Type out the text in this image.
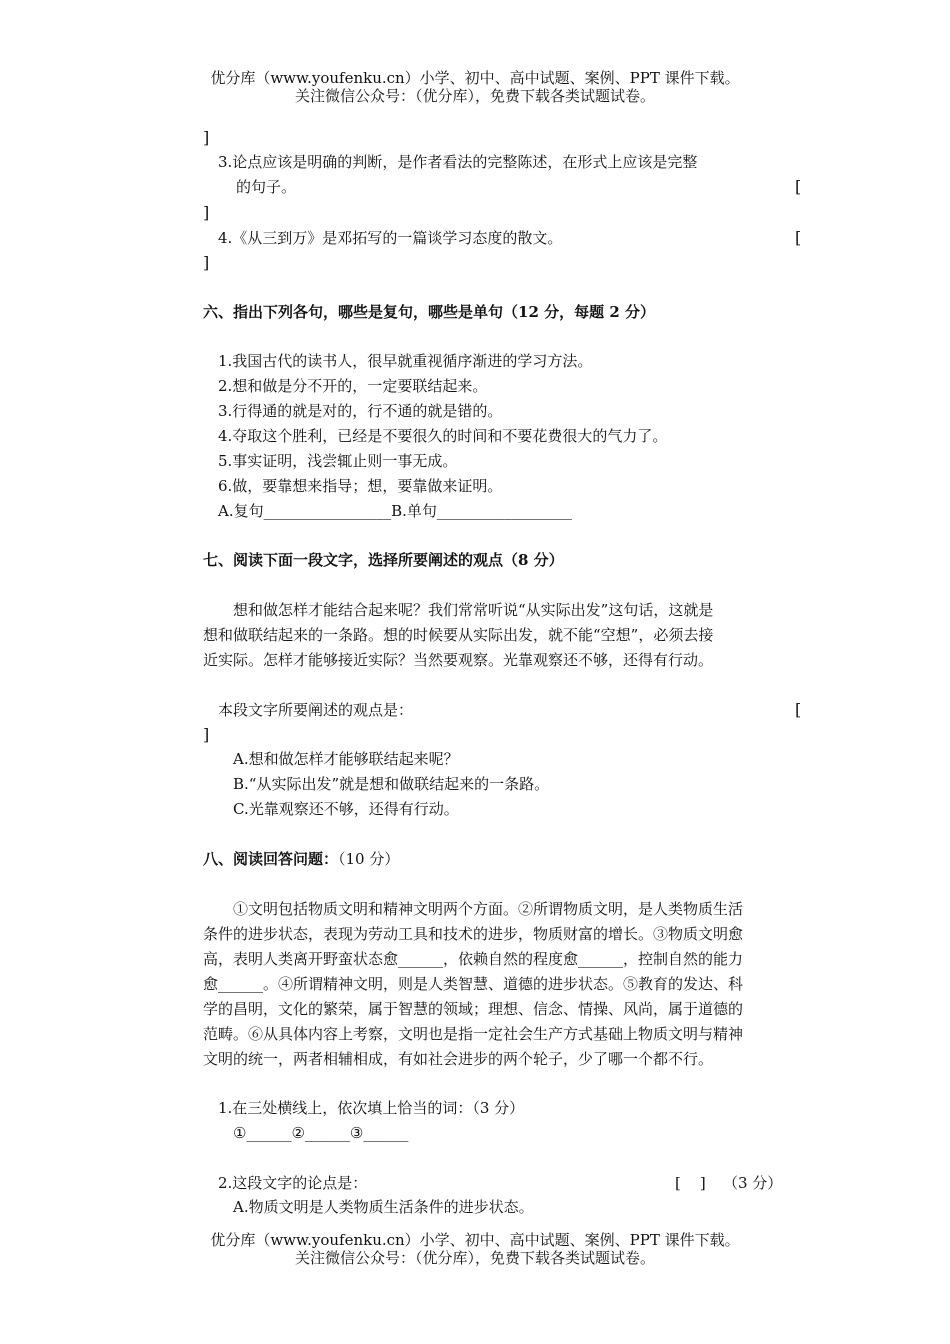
优分库（www.youfenku.cn）小学、初中、高中试题、案例、PPT 课件下载。
关注微信公众号：（优分库），免费下载各类试题试卷。
]
3.论点应该是明确的判断，是作者看法的完整陈述，在形式上应该是完整
的句子。	[
]
4.《从三到万》是邓拓写的一篇谈学习态度的散文。	[
]
六、指出下列各句，哪些是复句，哪些是单句（12 分，每题 2 分）
1.我国古代的读书人，很早就重视循序渐进的学习方法。
2.想和做是分不开的，一定要联结起来。
3.行得通的就是对的，行不通的就是错的。
4.夺取这个胜利，已经是不要很久的时间和不要花费很大的气力了。
5.事实证明，浅尝辄止则一事无成。
6.做，要靠想来指导；想，要靠做来证明。
A.复句_________________B.单句__________________
七、阅读下面一段文字，选择所要阐述的观点（8 分）
想和做怎样才能结合起来呢？我们常常听说“从实际出发”这句话，这就是
想和做联结起来的一条路。想的时候要从实际出发，就不能“空想”，必须去接
近实际。怎样才能够接近实际？当然要观察。光靠观察还不够，还得有行动。
本段文字所要阐述的观点是：	[
]
A.想和做怎样才能够联结起来呢？
B.“从实际出发”就是想和做联结起来的一条路。
C.光靠观察还不够，还得有行动。
八、阅读回答问题：（10 分）
①文明包括物质文明和精神文明两个方面。②所谓物质文明，是人类物质生活
条件的进步状态，表现为劳动工具和技术的进步，物质财富的增长。③物质文明愈
高，表明人类离开野蛮状态愈______，依赖自然的程度愈______，控制自然的能力
愈______。④所谓精神文明，则是人类智慧、道德的进步状态。⑤教育的发达、科
学的昌明，文化的繁荣，属于智慧的领域；理想、信念、情操、风尚，属于道德的
范畴。⑥从具体内容上考察，文明也是指一定社会生产方式基础上物质文明与精神
文明的统一，两者相辅相成，有如社会进步的两个轮子，少了哪一个都不行。
1.在三处横线上，依次填上恰当的词：（3 分）
①______②______③______
2.这段文字的论点是：	[    ] （3 分）
A.物质文明是人类物质生活条件的进步状态。
优分库（www.youfenku.cn）小学、初中、高中试题、案例、PPT 课件下载。
关注微信公众号：（优分库），免费下载各类试题试卷。
